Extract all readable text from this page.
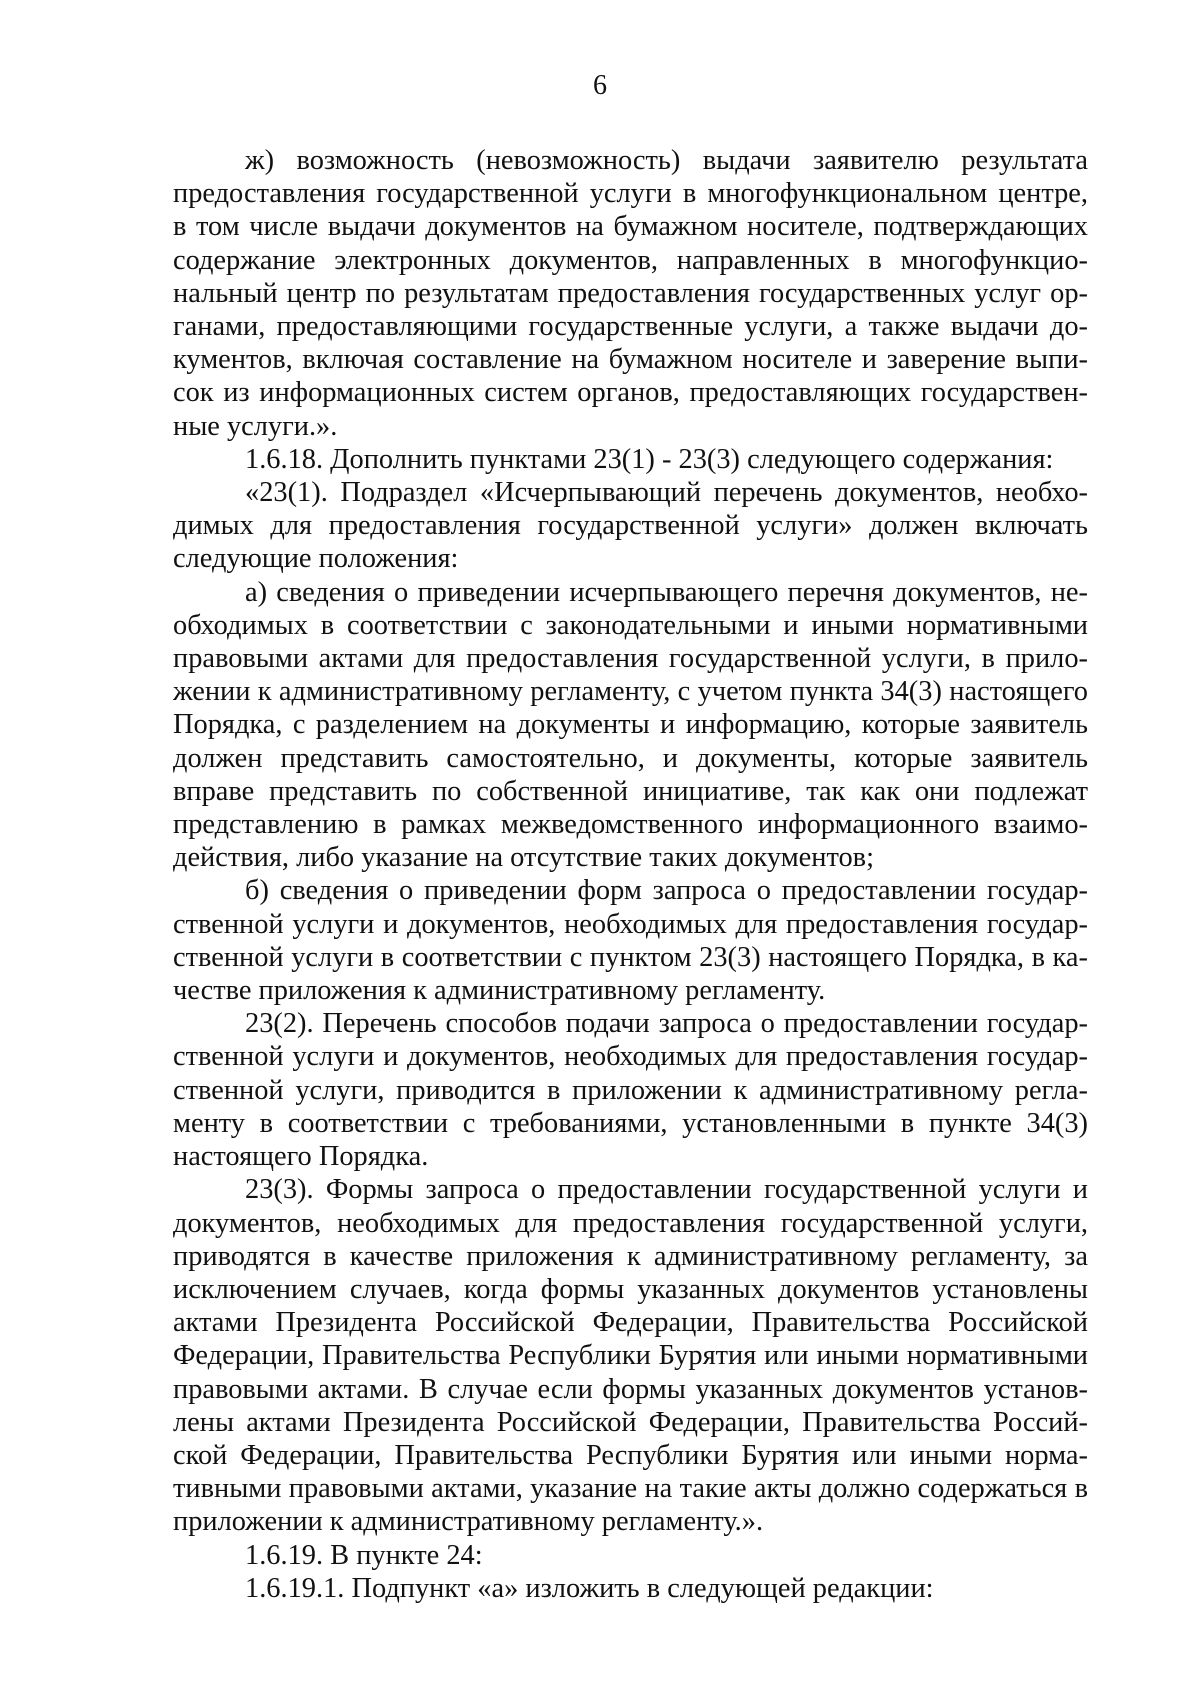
6

ж) возможность (невозможность) выдачи заявителю результата предоставления государственной услуги в многофункциональном центре, в том числе выдачи документов на бумажном носителе, подтверждающих содержание электронных документов, направленных в многофункциональный центр по результатам предоставления государственных услуг органами, предоставляющими государственные услуги, а также выдачи документов, включая составление на бумажном носителе и заверение выписок из информационных систем органов, предоставляющих государственные услуги.».

1.6.18. Дополнить пунктами 23(1) - 23(3) следующего содержания:

«23(1). Подраздел «Исчерпывающий перечень документов, необходимых для предоставления государственной услуги» должен включать следующие положения:

а) сведения о приведении исчерпывающего перечня документов, необходимых в соответствии с законодательными и иными нормативными правовыми актами для предоставления государственной услуги, в приложении к административному регламенту, с учетом пункта 34(3) настоящего Порядка, с разделением на документы и информацию, которые заявитель должен представить самостоятельно, и документы, которые заявитель вправе представить по собственной инициативе, так как они подлежат представлению в рамках межведомственного информационного взаимодействия, либо указание на отсутствие таких документов;

б) сведения о приведении форм запроса о предоставлении государственной услуги и документов, необходимых для предоставления государственной услуги в соответствии с пунктом 23(3) настоящего Порядка, в качестве приложения к административному регламенту.

23(2). Перечень способов подачи запроса о предоставлении государственной услуги и документов, необходимых для предоставления государственной услуги, приводится в приложении к административному регламенту в соответствии с требованиями, установленными в пункте 34(3) настоящего Порядка.

23(3). Формы запроса о предоставлении государственной услуги и документов, необходимых для предоставления государственной услуги, приводятся в качестве приложения к административному регламенту, за исключением случаев, когда формы указанных документов установлены актами Президента Российской Федерации, Правительства Российской Федерации, Правительства Республики Бурятия или иными нормативными правовыми актами. В случае если формы указанных документов установлены актами Президента Российской Федерации, Правительства Российской Федерации, Правительства Республики Бурятия или иными нормативными правовыми актами, указание на такие акты должно содержаться в приложении к административному регламенту.».

1.6.19. В пункте 24:

1.6.19.1. Подпункт «а» изложить в следующей редакции:
